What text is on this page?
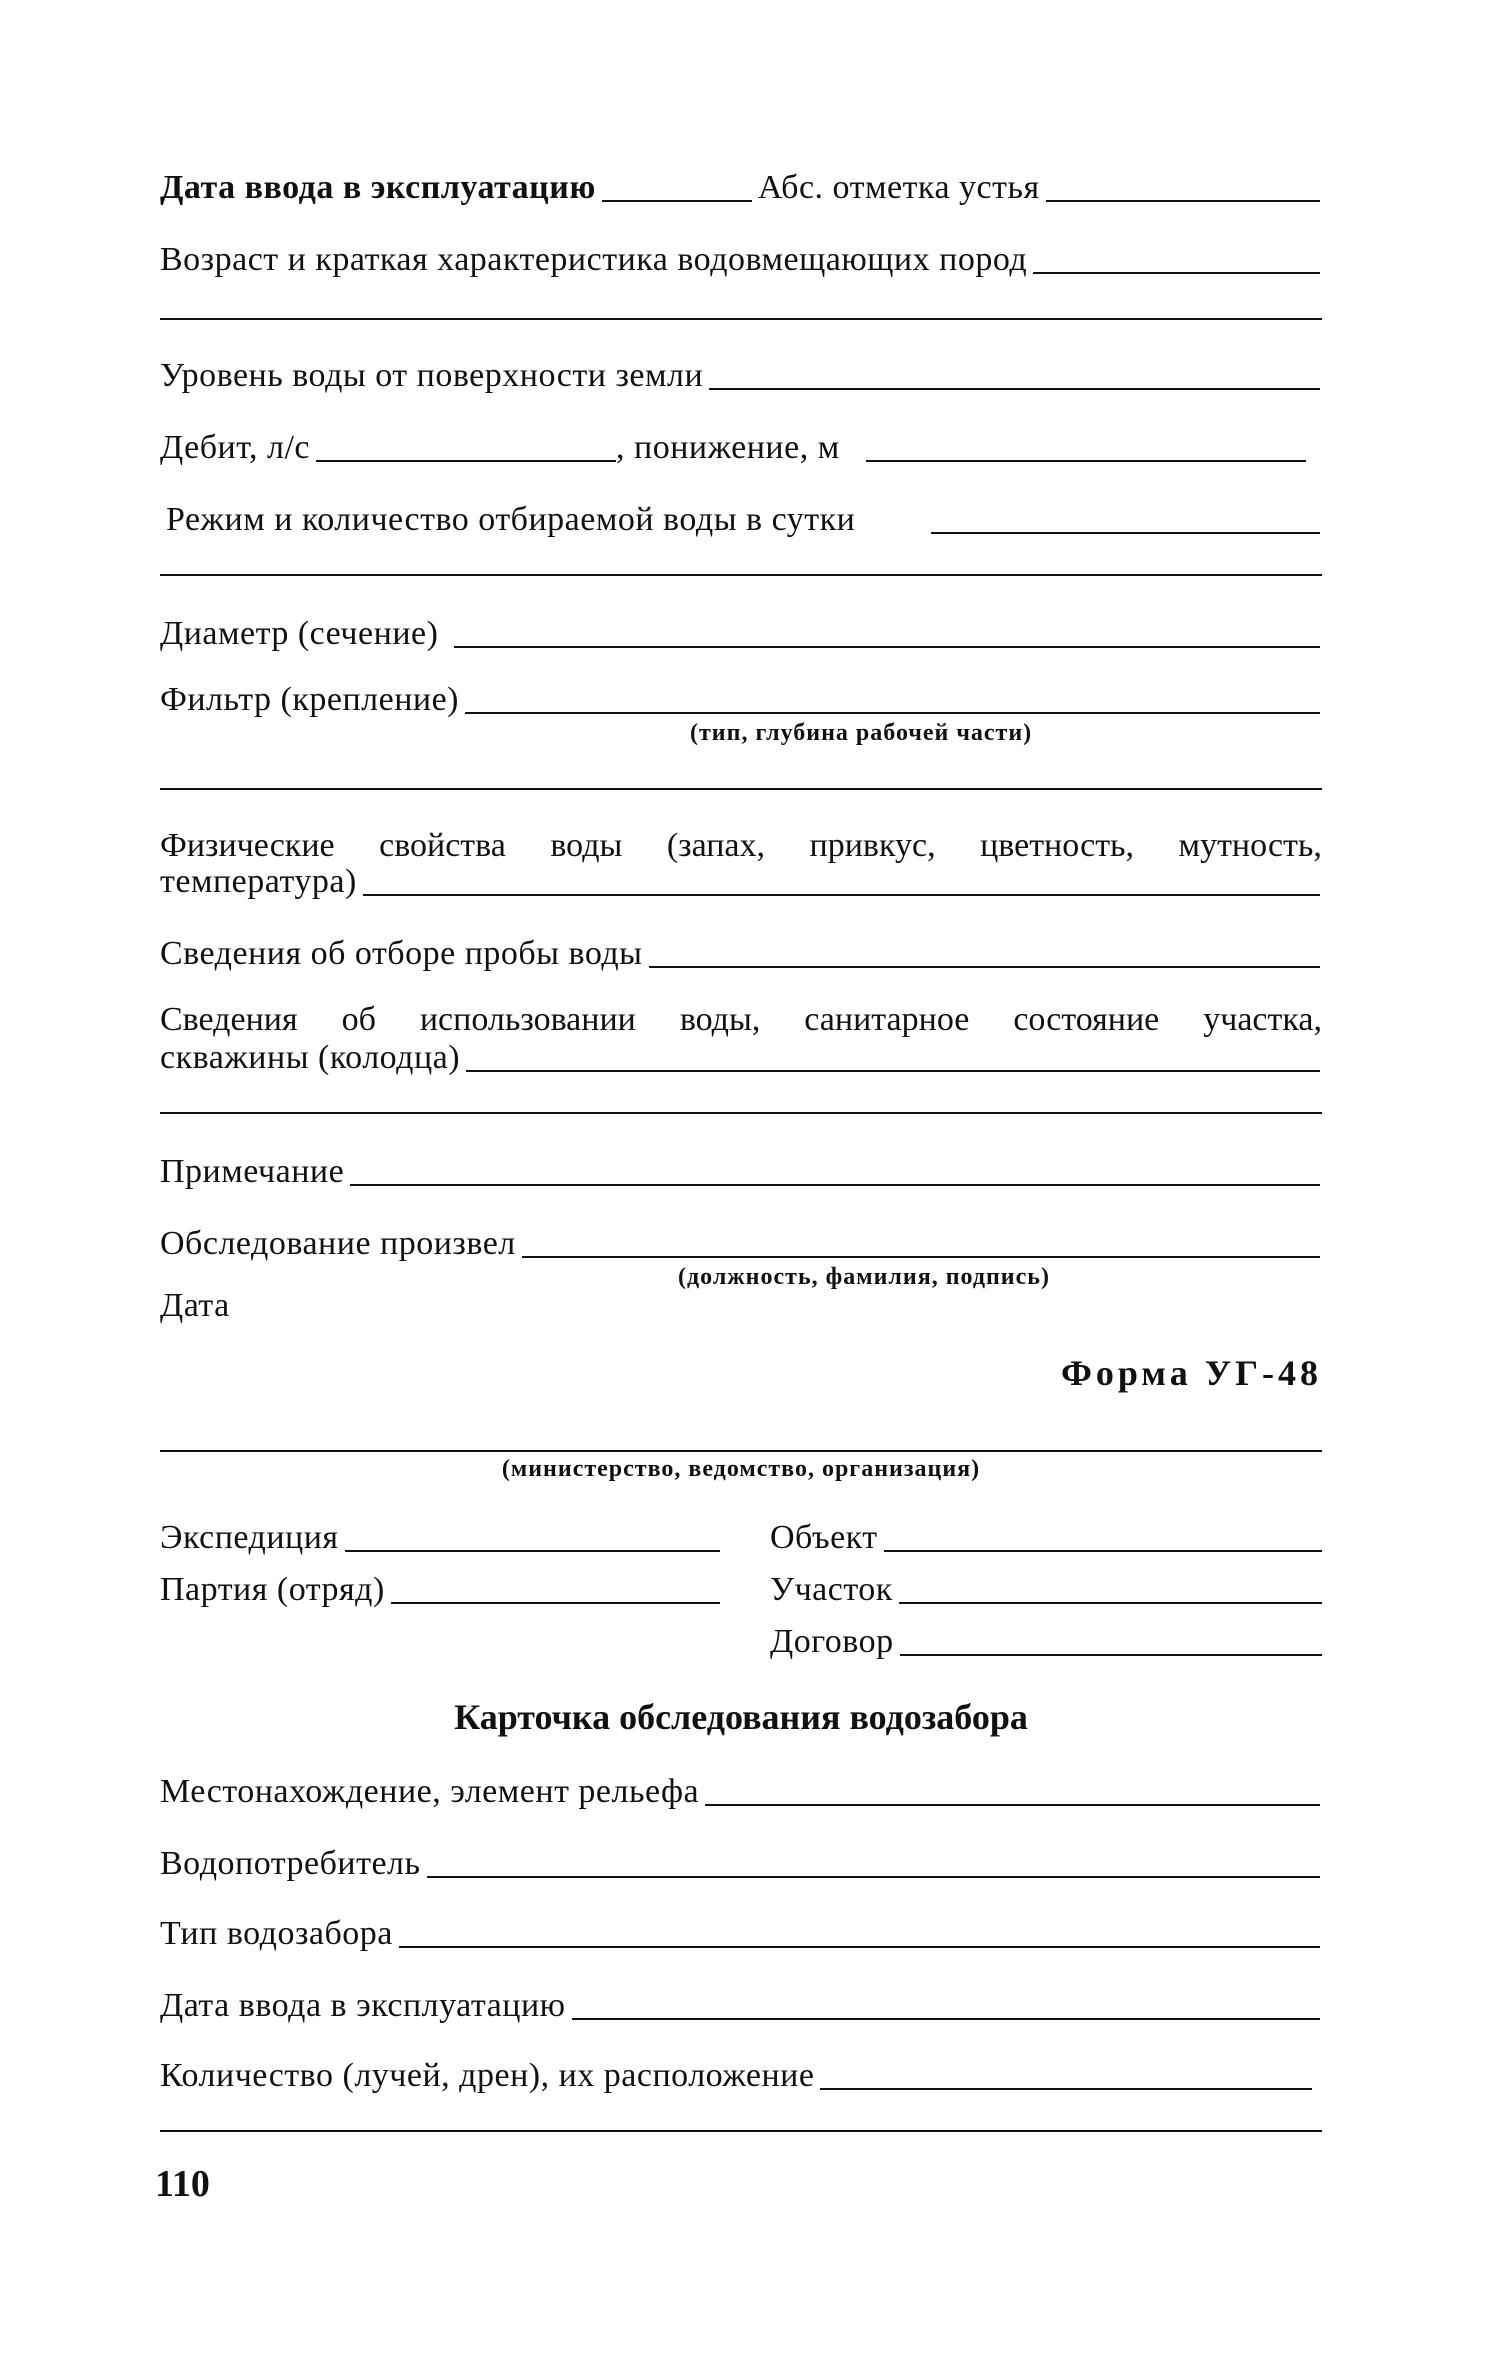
Дата ввода в эксплуатацию	Абс. отметка устья
Возраст и краткая характеристика водовмещающих пород
Уровень воды от поверхности земли
Дебит, л/с	, понижение, м
Режим и количество отбираемой воды в сутки
Диаметр (сечение)
Фильтр (крепление)
(тип, глубина рабочей части)
Физические свойства воды (запах, привкус, цветность, мутность,
температура)
Сведения об отборе пробы воды
Сведения об использовании воды, санитарное состояние участка,
скважины (колодца)
Примечание
Обследование произвел
(должность, фамилия, подпись)
Дата
Форма УГ-48
(министерство, ведомство, организация)
Экспедиция
Партия (отряд)
Объект
Участок
Договор
Карточка обследования водозабора
Местонахождение, элемент рельефа
Водопотребитель
Тип водозабора
Дата ввода в эксплуатацию
Количество (лучей, дрен), их расположение
110
